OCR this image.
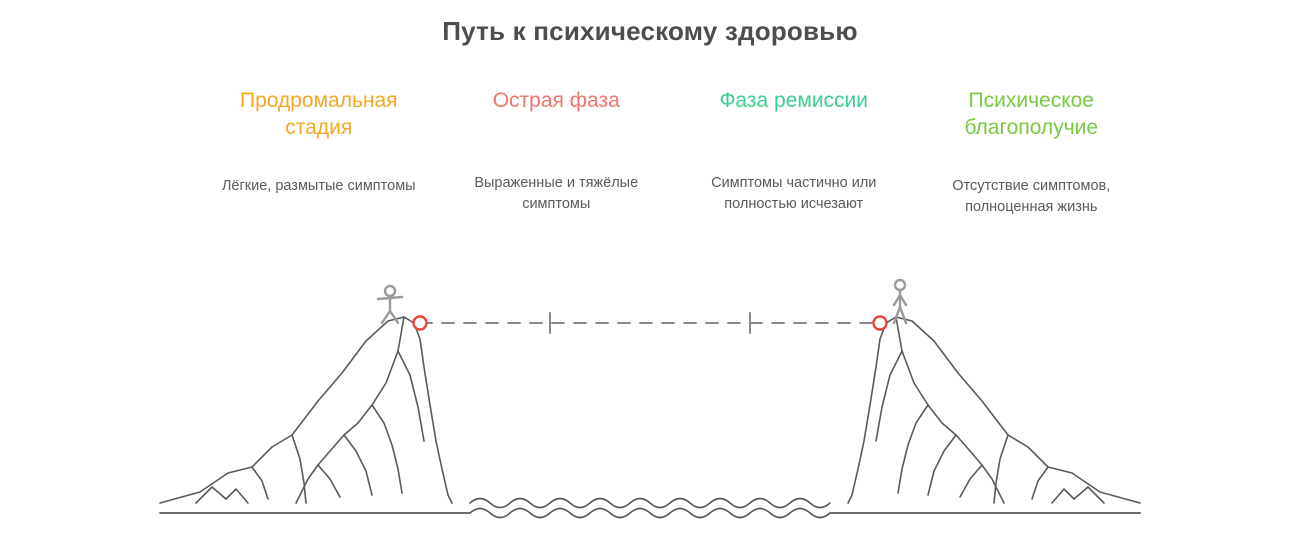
Путь к психическому здоровью
Продромальная стадия
Лёгкие, размытые симптомы
Острая фаза
Выраженные и тяжёлые симптомы
Фаза ремиссии
Симптомы частично или полностью исчезают
Психическое благополучие
Отсутствие симптомов, полноценная жизнь
